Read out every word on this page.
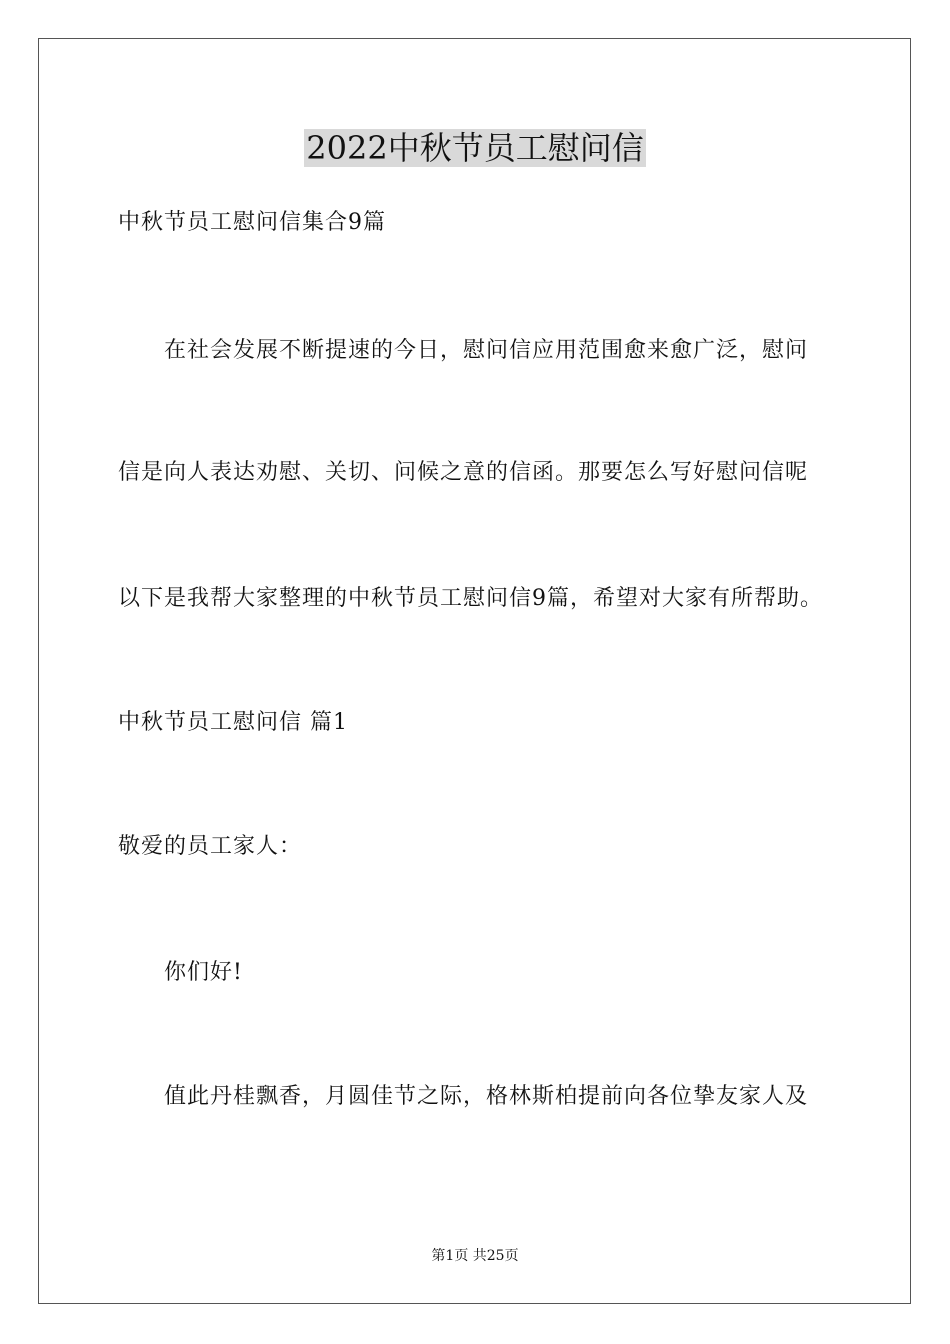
2022中秋节员工慰问信
中秋节员工慰问信集合9篇
在社会发展不断提速的今日，慰问信应用范围愈来愈广泛，慰问
信是向人表达劝慰、关切、问候之意的信函。那要怎么写好慰问信呢
以下是我帮大家整理的中秋节员工慰问信9篇，希望对大家有所帮助。
中秋节员工慰问信 篇1
敬爱的员工家人：
你们好!
值此丹桂飘香，月圆佳节之际，格林斯柏提前向各位挚友家人及
第1页 共25页
